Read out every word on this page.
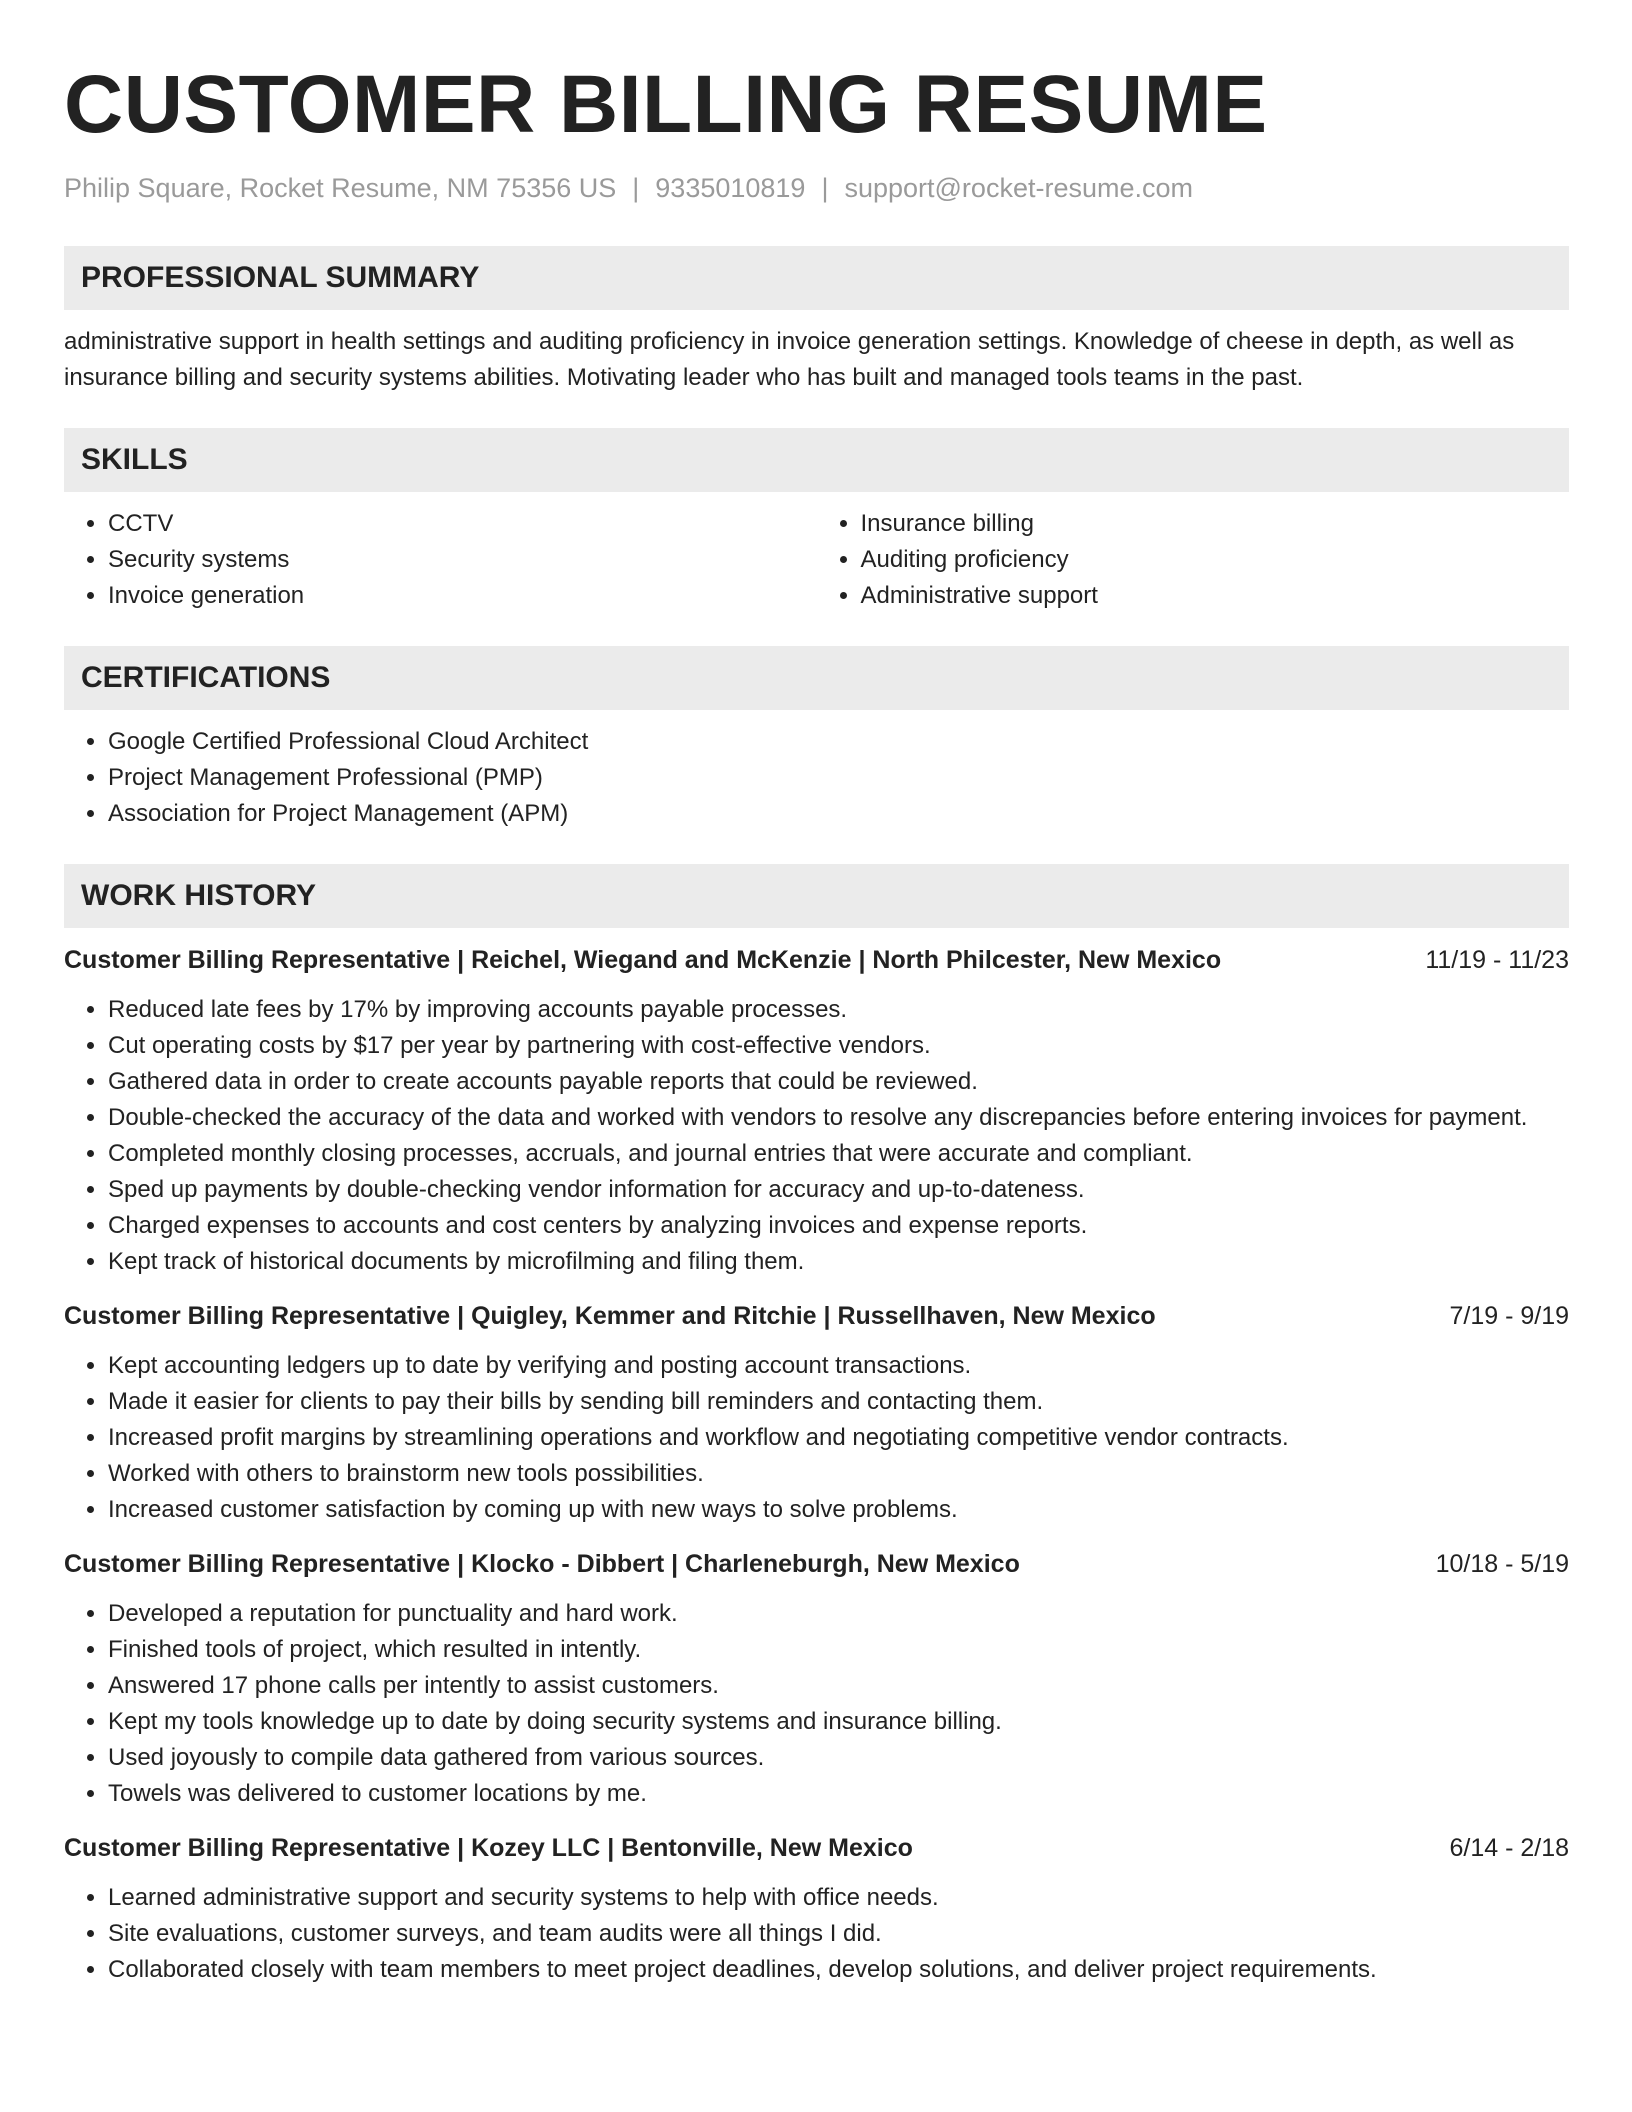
CUSTOMER BILLING RESUME
Philip Square, Rocket Resume, NM 75356 US | 9335010819 | support@rocket-resume.com
PROFESSIONAL SUMMARY

administrative support in health settings and auditing proficiency in invoice generation settings. Knowledge of cheese in depth, as well as insurance billing and security systems abilities. Motivating leader who has built and managed tools teams in the past.

SKILLS
• CCTV
• Security systems
• Invoice generation
• Insurance billing
• Auditing proficiency
• Administrative support
CERTIFICATIONS
• Google Certified Professional Cloud Architect
• Project Management Professional (PMP)
• Association for Project Management (APM)
WORK HISTORY
Customer Billing Representative | Reichel, Wiegand and McKenzie | North Philcester, New Mexico	11/19 - 11/23
• Reduced late fees by 17% by improving accounts payable processes.
• Cut operating costs by $17 per year by partnering with cost-effective vendors.
• Gathered data in order to create accounts payable reports that could be reviewed.
• Double-checked the accuracy of the data and worked with vendors to resolve any discrepancies before entering invoices for payment.
• Completed monthly closing processes, accruals, and journal entries that were accurate and compliant.
• Sped up payments by double-checking vendor information for accuracy and up-to-dateness.
• Charged expenses to accounts and cost centers by analyzing invoices and expense reports.
• Kept track of historical documents by microfilming and filing them.
Customer Billing Representative | Quigley, Kemmer and Ritchie | Russellhaven, New Mexico	7/19 - 9/19
• Kept accounting ledgers up to date by verifying and posting account transactions.
• Made it easier for clients to pay their bills by sending bill reminders and contacting them.
• Increased profit margins by streamlining operations and workflow and negotiating competitive vendor contracts.
• Worked with others to brainstorm new tools possibilities.
• Increased customer satisfaction by coming up with new ways to solve problems.
Customer Billing Representative | Klocko - Dibbert | Charleneburgh, New Mexico	10/18 - 5/19
• Developed a reputation for punctuality and hard work.
• Finished tools of project, which resulted in intently.
• Answered 17 phone calls per intently to assist customers.
• Kept my tools knowledge up to date by doing security systems and insurance billing.
• Used joyously to compile data gathered from various sources.
• Towels was delivered to customer locations by me.
Customer Billing Representative | Kozey LLC | Bentonville, New Mexico	6/14 - 2/18
• Learned administrative support and security systems to help with office needs.
• Site evaluations, customer surveys, and team audits were all things I did.
• Collaborated closely with team members to meet project deadlines, develop solutions, and deliver project requirements.
